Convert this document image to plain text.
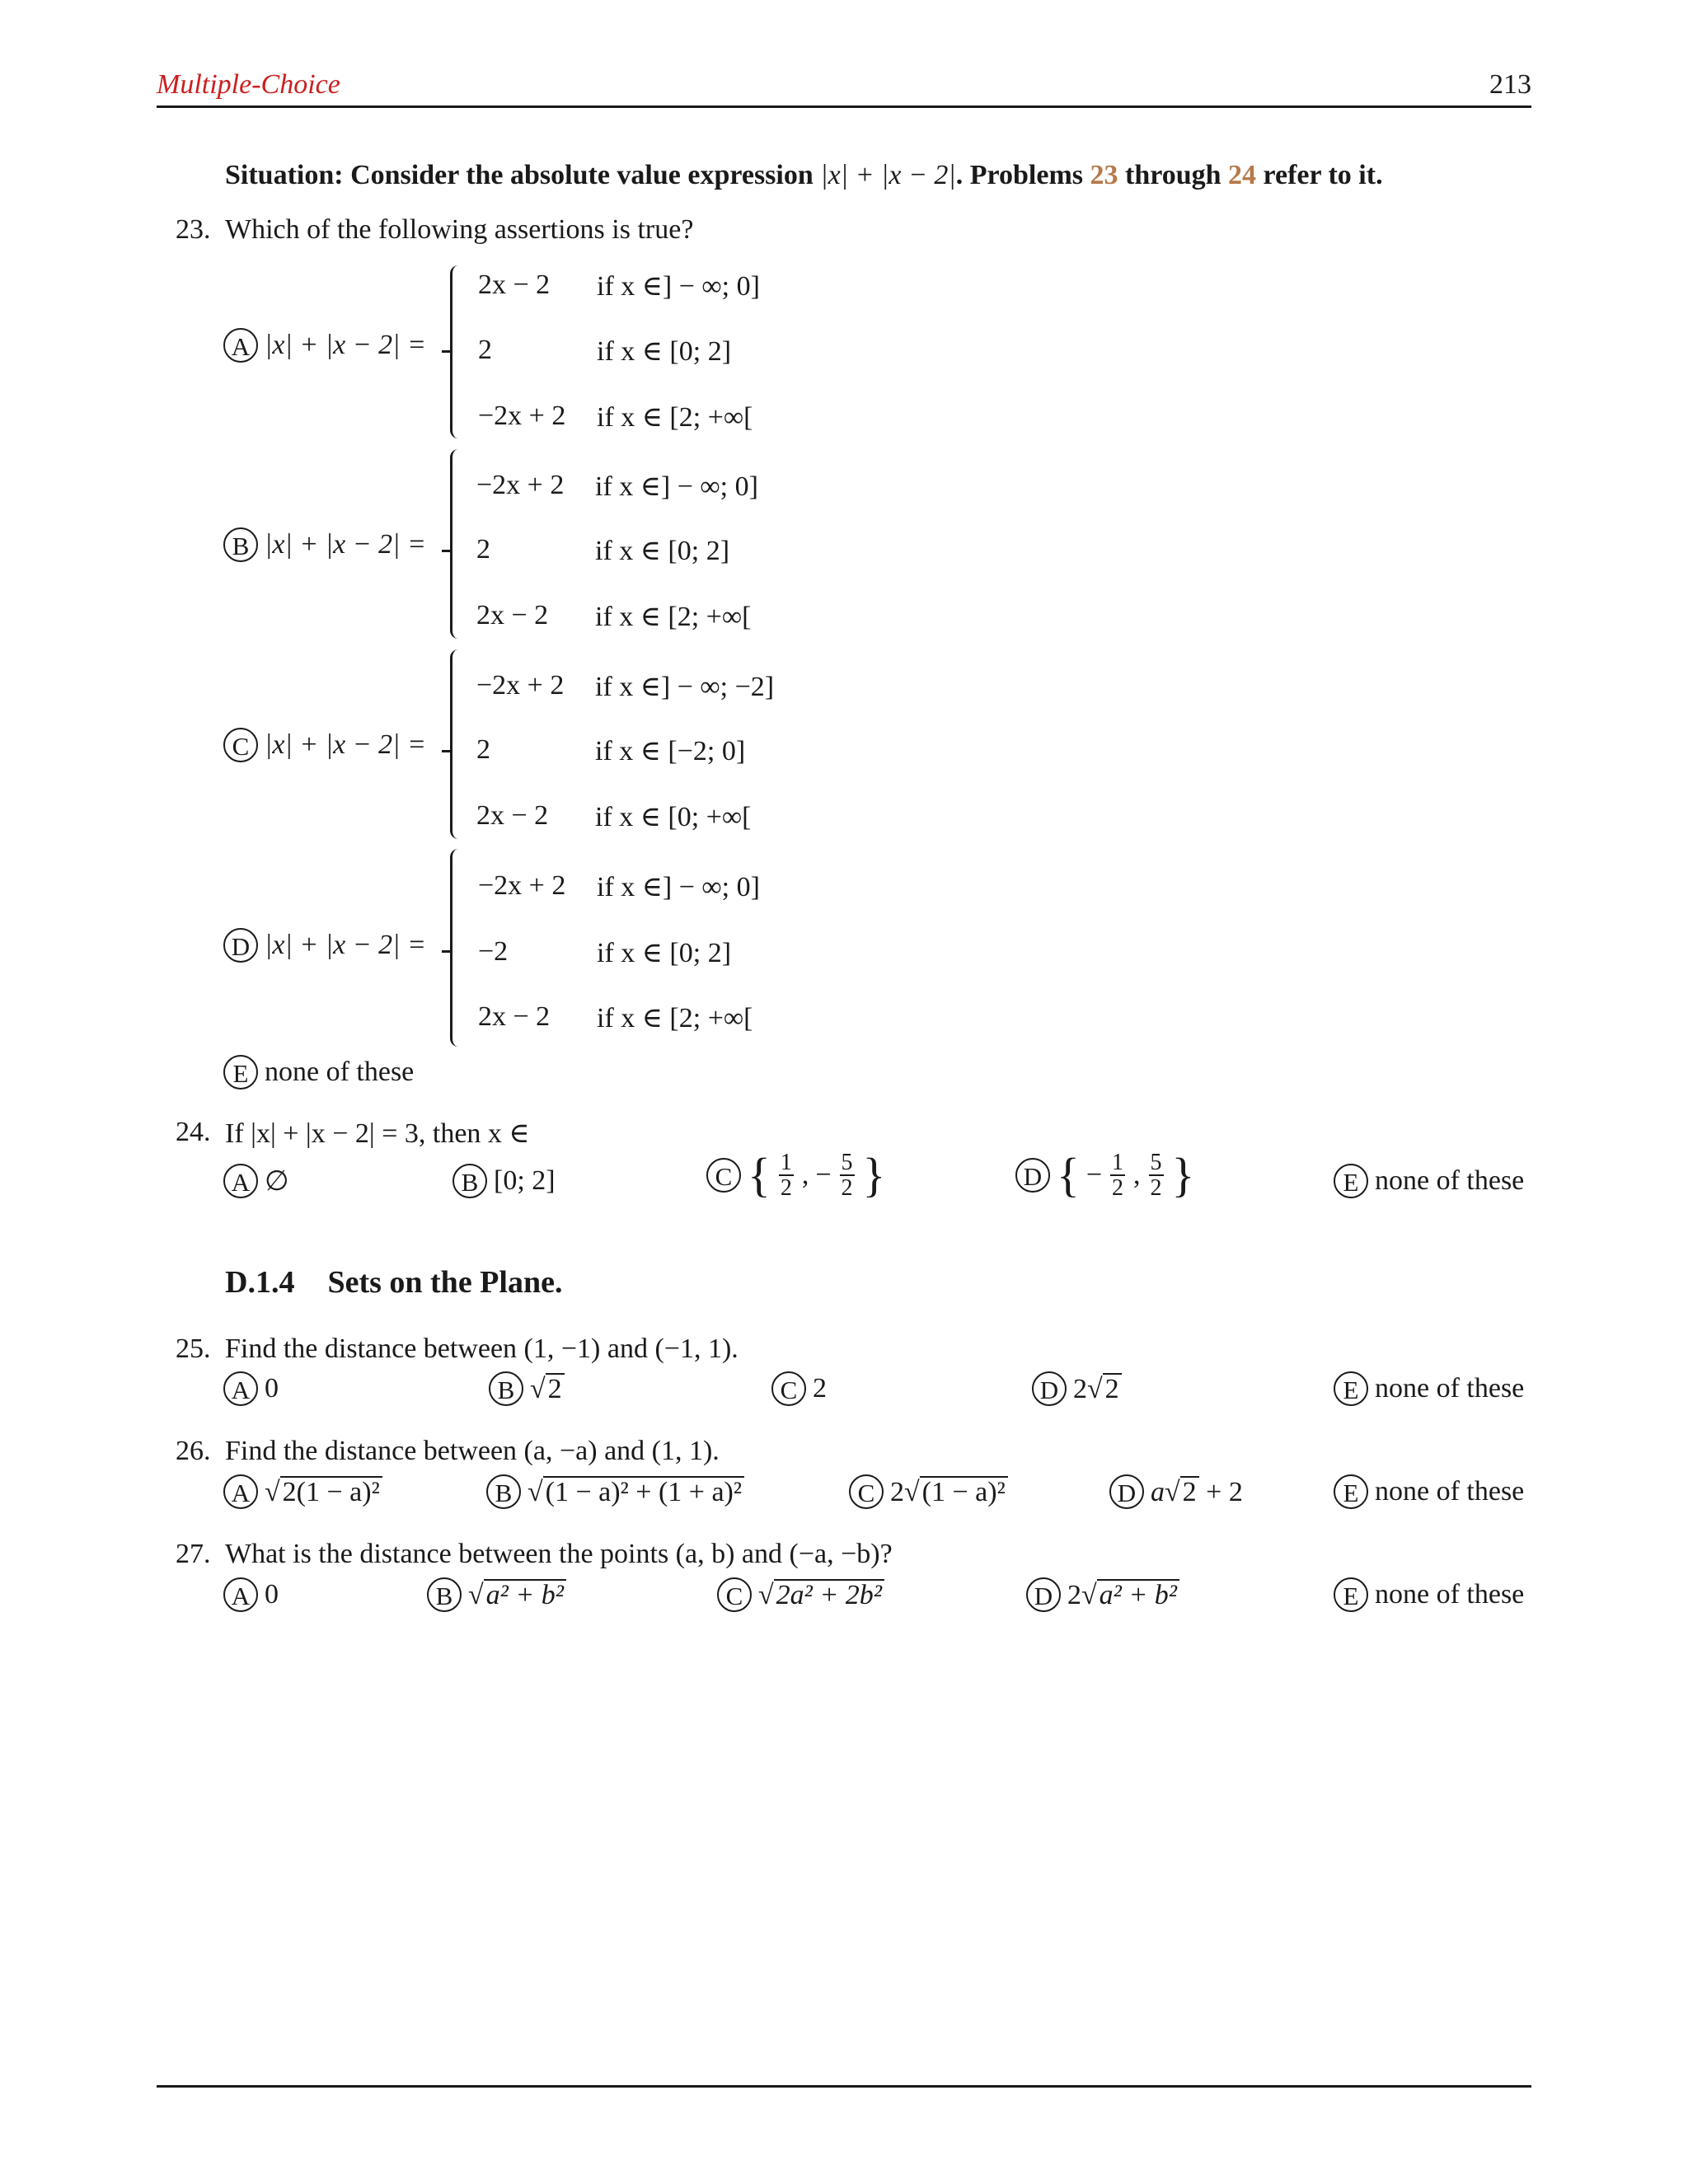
Multiple-Choice	213
Situation: Consider the absolute value expression |x| + |x − 2|. Problems 23 through 24 refer to it.
23. Which of the following assertions is true?
A |x| + |x − 2| =
2x − 2 if x ∈] − ∞; 0]
2	if x ∈ [0; 2]
−2x + 2 if x ∈ [2; +∞[
B |x| + |x − 2| =
−2x + 2 if x ∈] − ∞; 0]
2	if x ∈ [0; 2]
2x − 2 if x ∈ [2; +∞[
C |x| + |x − 2| =
−2x + 2 if x ∈] − ∞; −2]
2	if x ∈ [−2; 0]
2x − 2 if x ∈ [0; +∞[
D |x| + |x − 2| =
−2x + 2 if x ∈] − ∞; 0]
−2	if x ∈ [0; 2]
2x − 2 if x ∈ [2; +∞[
E none of these
24. If |x| + |x − 2| = 3, then x ∈
A ∅	B [0; 2]	C { $\frac{1}{2}$ , − $\frac{5}{2}$ }	D { − $\frac{1}{2}$ , $\frac{5}{2}$ }	E none of these
D.1.4 Sets on the Plane.
25. Find the distance between (1, −1) and (−1, 1).
A 0	B √2	C 2	D 2√2	E none of these
26. Find the distance between (a, −a) and (1, 1).
A √2(1 − a)²	B √(1 − a)² + (1 + a)²	C 2√(1 − a)²	D a√2 + 2	E none of these
27. What is the distance between the points (a, b) and (−a, −b)?
A 0	B √a² + b²	C √2a² + 2b²	D 2√a² + b²	E none of these
